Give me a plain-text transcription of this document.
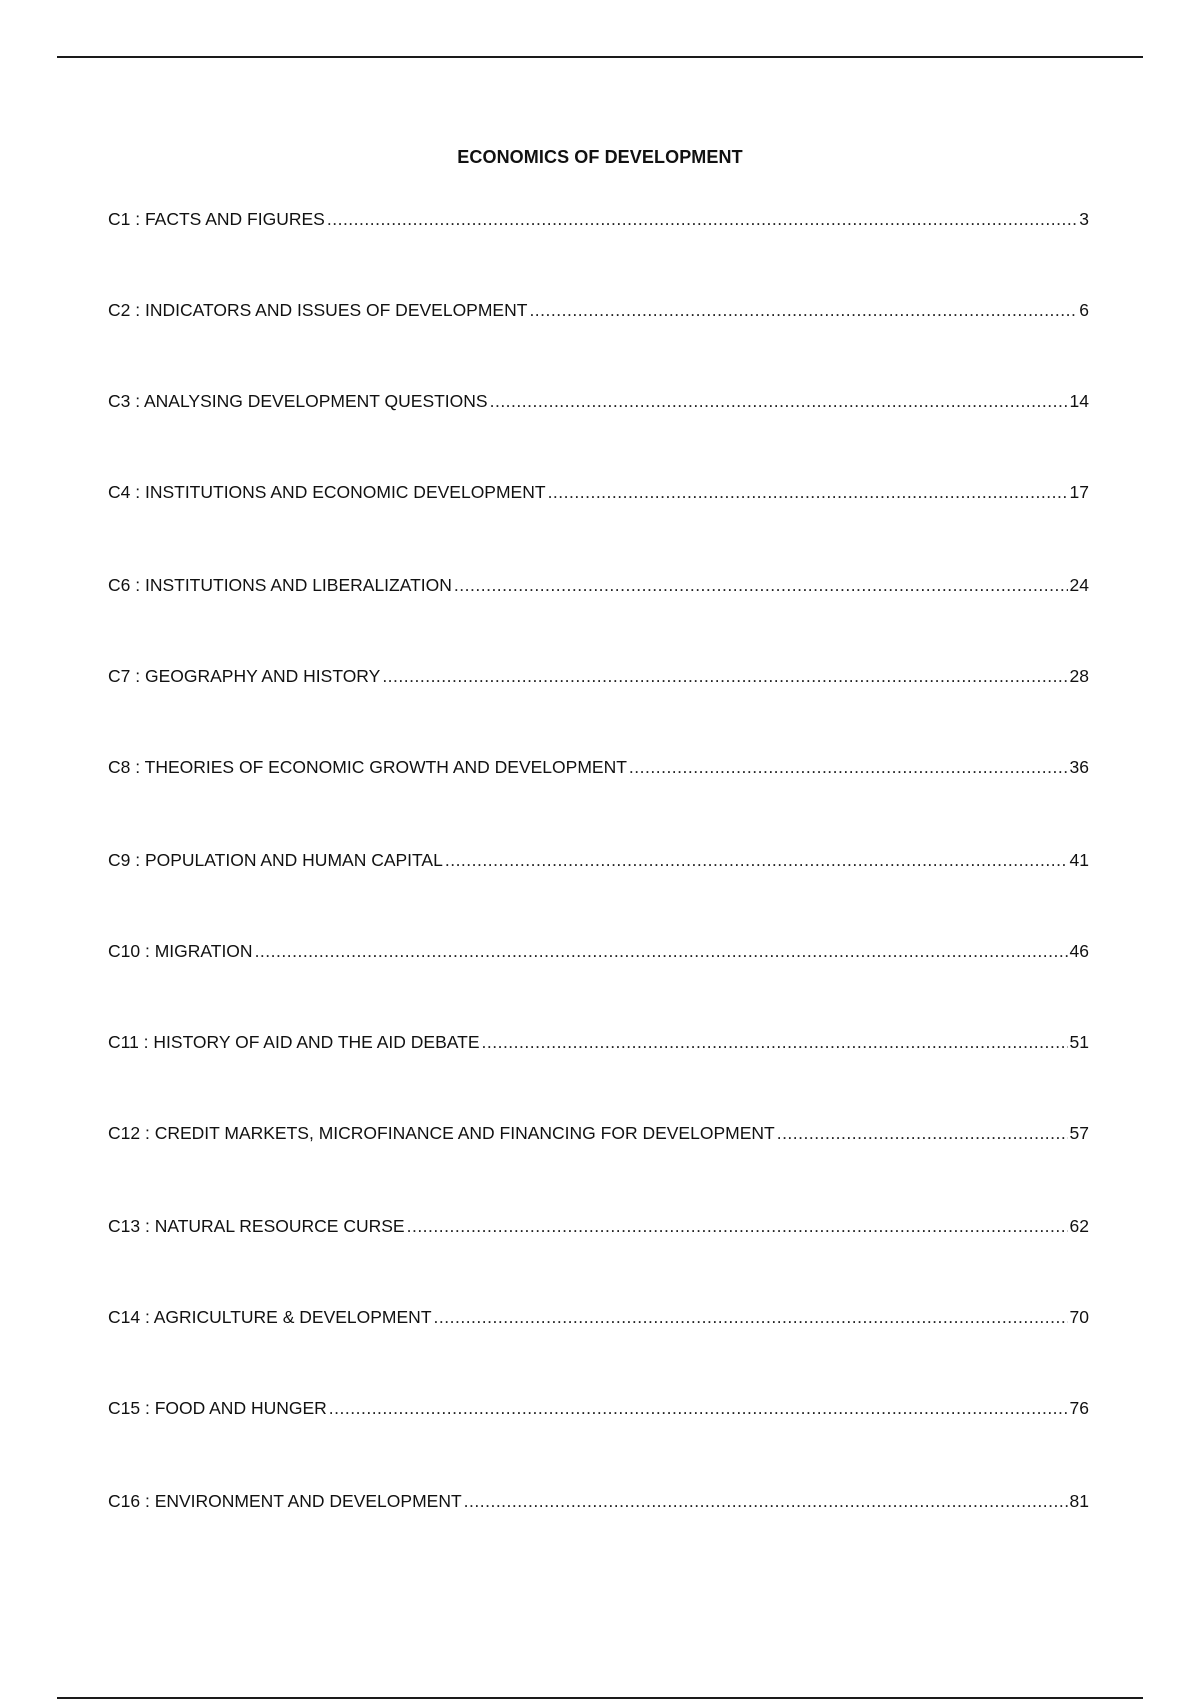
ECONOMICS OF DEVELOPMENT
C1 : FACTS AND FIGURES .....	3
C2 : INDICATORS AND ISSUES OF DEVELOPMENT .....	6
C3 : ANALYSING DEVELOPMENT QUESTIONS .....	14
C4 : INSTITUTIONS AND ECONOMIC DEVELOPMENT .....	17
C6 : INSTITUTIONS AND LIBERALIZATION .....	24
C7 : GEOGRAPHY AND HISTORY .....	28
C8 : THEORIES OF ECONOMIC GROWTH AND DEVELOPMENT .....	36
C9 : POPULATION AND HUMAN CAPITAL .....	41
C10 : MIGRATION .....	46
C11 : HISTORY OF AID AND THE AID DEBATE .....	51
C12 : CREDIT MARKETS, MICROFINANCE AND FINANCING FOR DEVELOPMENT .....	57
C13 : NATURAL RESOURCE CURSE .....	62
C14 : AGRICULTURE & DEVELOPMENT .....	70
C15 : FOOD AND HUNGER .....	76
C16 : ENVIRONMENT AND DEVELOPMENT .....	81
